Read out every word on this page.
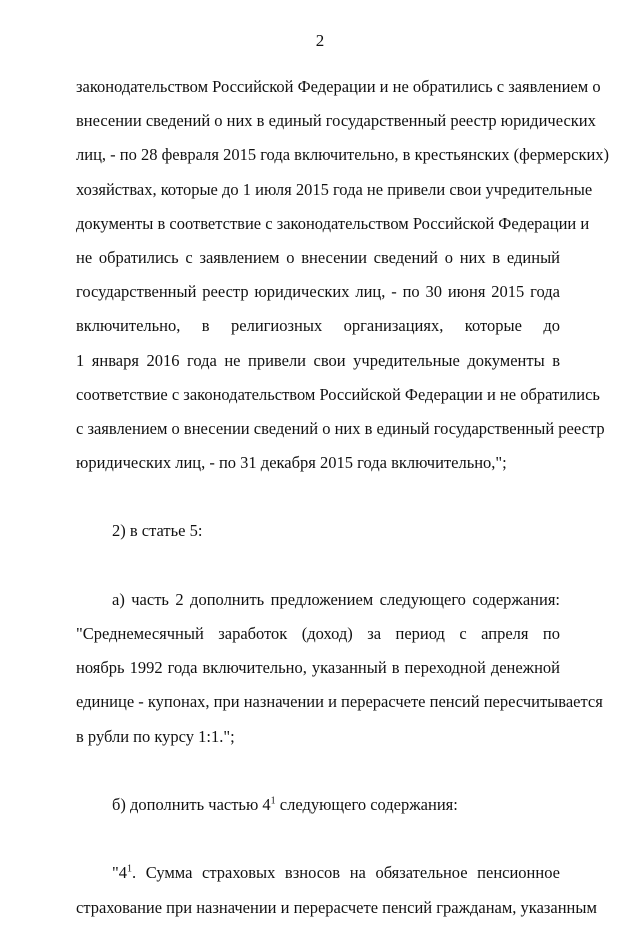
2
законодательством Российской Федерации и не обратились с заявлением о
внесении сведений о них в единый государственный реестр юридических
лиц, - по 28 февраля 2015 года включительно, в крестьянских (фермерских)
хозяйствах, которые до 1 июля 2015 года не привели свои учредительные
документы в соответствие с законодательством Российской Федерации и
не обратились с заявлением о внесении сведений о них в единый
государственный реестр юридических лиц, - по 30 июня 2015 года
включительно, в религиозных организациях, которые до
1 января 2016 года не привели свои учредительные документы в
соответствие с законодательством Российской Федерации и не обратились
с заявлением о внесении сведений о них в единый государственный реестр
юридических лиц, - по 31 декабря 2015 года включительно,";
2) в статье 5:
а) часть 2 дополнить предложением следующего содержания:
"Среднемесячный заработок (доход) за период с апреля по
ноябрь 1992 года включительно, указанный в переходной денежной
единице - купонах, при назначении и перерасчете пенсий пересчитывается
в рубли по курсу 1:1.";
б) дополнить частью $4^1$ следующего содержания:
"$4^1$. Сумма страховых взносов на обязательное пенсионное
страхование при назначении и перерасчете пенсий гражданам, указанным
